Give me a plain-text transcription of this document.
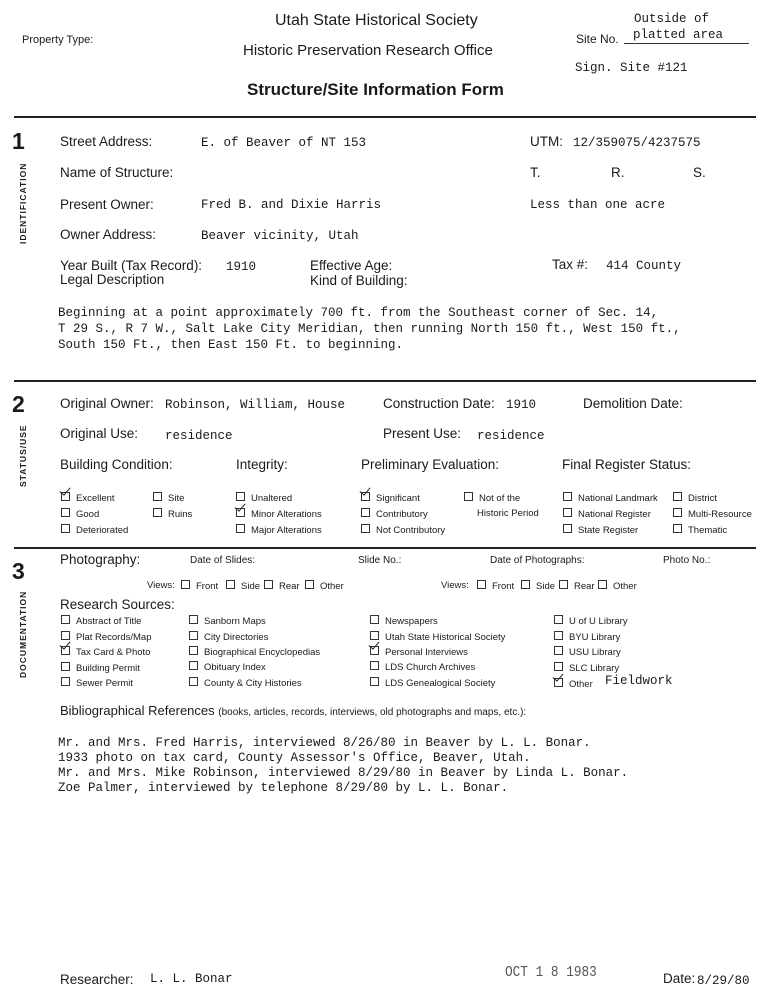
Property Type:
Utah State Historical Society
Historic Preservation Research Office
Structure/Site Information Form
Outside of
Site No. platted area
Sign. Site #121
1
IDENTIFICATION
Street Address:	E. of Beaver of NT 153	UTM: 12/359075/4237575
Name of Structure:	T.	R.	S.
Present Owner:	Fred B. and Dixie Harris	Less than one acre
Owner Address:	Beaver vicinity, Utah
Year Built (Tax Record): 1910	Effective Age:	Tax #: 414 County
Legal Description	Kind of Building:
Beginning at a point approximately 700 ft. from the Southeast corner of Sec. 14,
T 29 S., R 7 W., Salt Lake City Meridian, then running North 150 ft., West 150 ft.,
South 150 Ft., then East 150 Ft. to beginning.
2
STATUS/USE
Original Owner: Robinson, William, House	Construction Date: 1910	Demolition Date:
Original Use: residence	Present Use: residence
Building Condition:	Integrity:	Preliminary Evaluation:	Final Register Status:
Excellent	Site
Good	Ruins
Deteriorated
Unaltered
Minor Alterations
Major Alterations
Significant
Contributory
Not Contributory
Not of the
Historic Period
National Landmark
National Register
State Register
District
Multi-Resource
Thematic
3
DOCUMENTATION
Photography:	Date of Slides:	Slide No.:	Date of Photographs:	Photo No.:
Views:	Front	Side	Rear	Other	Views:	Front	Side	Rear	Other
Research Sources:
Abstract of Title
Plat Records/Map
Tax Card & Photo
Building Permit
Sewer Permit
Sanborn Maps
City Directories
Biographical Encyclopedias
Obituary Index
County & City Histories
Newspapers
Utah State Historical Society
Personal Interviews
LDS Church Archives
LDS Genealogical Society
U of U Library
BYU Library
USU Library
SLC Library
Other Fieldwork
Bibliographical References (books, articles, records, interviews, old photographs and maps, etc.):
Mr. and Mrs. Fred Harris, interviewed 8/26/80 in Beaver by L. L. Bonar.
1933 photo on tax card, County Assessor's Office, Beaver, Utah.
Mr. and Mrs. Mike Robinson, interviewed 8/29/80 in Beaver by Linda L. Bonar.
Zoe Palmer, interviewed by telephone 8/29/80 by L. L. Bonar.
Researcher: L. L. Bonar	OCT 1 8 1983	Date: 8/29/80
